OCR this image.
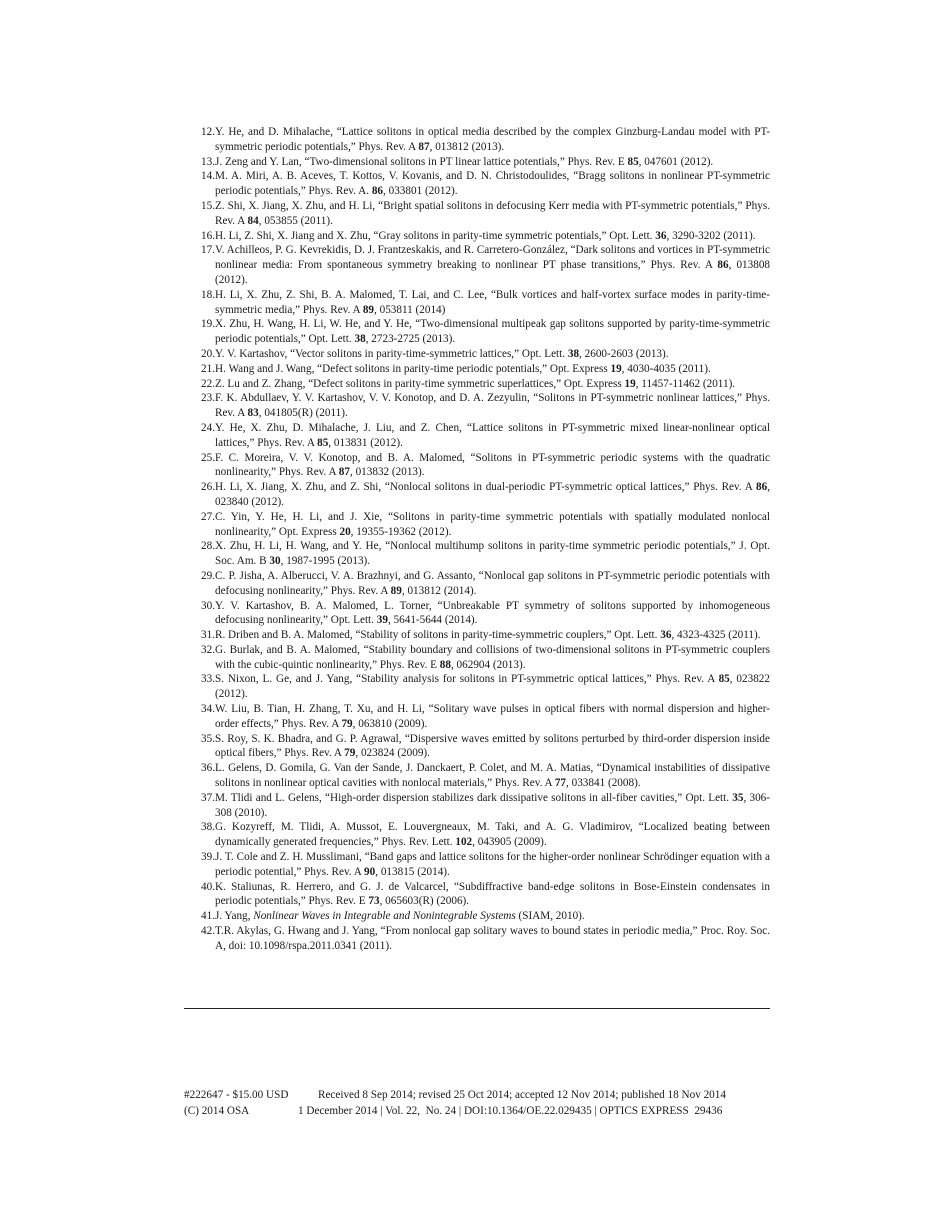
12. Y. He, and D. Mihalache, “Lattice solitons in optical media described by the complex Ginzburg-Landau model with PT-symmetric periodic potentials,” Phys. Rev. A 87, 013812 (2013).
13. J. Zeng and Y. Lan, “Two-dimensional solitons in PT linear lattice potentials,” Phys. Rev. E 85, 047601 (2012).
14. M. A. Miri, A. B. Aceves, T. Kottos, V. Kovanis, and D. N. Christodoulides, “Bragg solitons in nonlinear PT-symmetric periodic potentials,” Phys. Rev. A. 86, 033801 (2012).
15. Z. Shi, X. Jiang, X. Zhu, and H. Li, “Bright spatial solitons in defocusing Kerr media with PT-symmetric potentials,” Phys. Rev. A 84, 053855 (2011).
16. H. Li, Z. Shi, X. Jiang and X. Zhu, “Gray solitons in parity-time symmetric potentials,” Opt. Lett. 36, 3290-3202 (2011).
17. V. Achilleos, P. G. Kevrekidis, D. J. Frantzeskakis, and R. Carretero-González, “Dark solitons and vortices in PT-symmetric nonlinear media: From spontaneous symmetry breaking to nonlinear PT phase transitions,” Phys. Rev. A 86, 013808 (2012).
18. H. Li, X. Zhu, Z. Shi, B. A. Malomed, T. Lai, and C. Lee, “Bulk vortices and half-vortex surface modes in parity-time-symmetric media,” Phys. Rev. A 89, 053811 (2014)
19. X. Zhu, H. Wang, H. Li, W. He, and Y. He, “Two-dimensional multipeak gap solitons supported by parity-time-symmetric periodic potentials,” Opt. Lett. 38, 2723-2725 (2013).
20. Y. V. Kartashov, “Vector solitons in parity-time-symmetric lattices,” Opt. Lett. 38, 2600-2603 (2013).
21. H. Wang and J. Wang, “Defect solitons in parity-time periodic potentials,” Opt. Express 19, 4030-4035 (2011).
22. Z. Lu and Z. Zhang, “Defect solitons in parity-time symmetric superlattices,” Opt. Express 19, 11457-11462 (2011).
23. F. K. Abdullaev, Y. V. Kartashov, V. V. Konotop, and D. A. Zezyulin, “Solitons in PT-symmetric nonlinear lattices,” Phys. Rev. A 83, 041805(R) (2011).
24. Y. He, X. Zhu, D. Mihalache, J. Liu, and Z. Chen, “Lattice solitons in PT-symmetric mixed linear-nonlinear optical lattices,” Phys. Rev. A 85, 013831 (2012).
25. F. C. Moreira, V. V. Konotop, and B. A. Malomed, “Solitons in PT-symmetric periodic systems with the quadratic nonlinearity,” Phys. Rev. A 87, 013832 (2013).
26. H. Li, X. Jiang, X. Zhu, and Z. Shi, “Nonlocal solitons in dual-periodic PT-symmetric optical lattices,” Phys. Rev. A 86, 023840 (2012).
27. C. Yin, Y. He, H. Li, and J. Xie, “Solitons in parity-time symmetric potentials with spatially modulated nonlocal nonlinearity,” Opt. Express 20, 19355-19362 (2012).
28. X. Zhu, H. Li, H. Wang, and Y. He, “Nonlocal multihump solitons in parity-time symmetric periodic potentials,” J. Opt. Soc. Am. B 30, 1987-1995 (2013).
29. C. P. Jisha, A. Alberucci, V. A. Brazhnyi, and G. Assanto, “Nonlocal gap solitons in PT-symmetric periodic potentials with defocusing nonlinearity,” Phys. Rev. A 89, 013812 (2014).
30. Y. V. Kartashov, B. A. Malomed, L. Torner, “Unbreakable PT symmetry of solitons supported by inhomogeneous defocusing nonlinearity,” Opt. Lett. 39, 5641-5644 (2014).
31. R. Driben and B. A. Malomed, “Stability of solitons in parity-time-symmetric couplers,” Opt. Lett. 36, 4323-4325 (2011).
32. G. Burlak, and B. A. Malomed, “Stability boundary and collisions of two-dimensional solitons in PT-symmetric couplers with the cubic-quintic nonlinearity,” Phys. Rev. E 88, 062904 (2013).
33. S. Nixon, L. Ge, and J. Yang, “Stability analysis for solitons in PT-symmetric optical lattices,” Phys. Rev. A 85, 023822 (2012).
34. W. Liu, B. Tian, H. Zhang, T. Xu, and H. Li, “Solitary wave pulses in optical fibers with normal dispersion and higher-order effects,” Phys. Rev. A 79, 063810 (2009).
35. S. Roy, S. K. Bhadra, and G. P. Agrawal, “Dispersive waves emitted by solitons perturbed by third-order dispersion inside optical fibers,” Phys. Rev. A 79, 023824 (2009).
36. L. Gelens, D. Gomila, G. Van der Sande, J. Danckaert, P. Colet, and M. A. Matias, “Dynamical instabilities of dissipative solitons in nonlinear optical cavities with nonlocal materials,” Phys. Rev. A 77, 033841 (2008).
37. M. Tlidi and L. Gelens, “High-order dispersion stabilizes dark dissipative solitons in all-fiber cavities,” Opt. Lett. 35, 306-308 (2010).
38. G. Kozyreff, M. Tlidi, A. Mussot, E. Louvergneaux, M. Taki, and A. G. Vladimirov, “Localized beating between dynamically generated frequencies,” Phys. Rev. Lett. 102, 043905 (2009).
39. J. T. Cole and Z. H. Musslimani, “Band gaps and lattice solitons for the higher-order nonlinear Schrödinger equation with a periodic potential,” Phys. Rev. A 90, 013815 (2014).
40. K. Staliunas, R. Herrero, and G. J. de Valcarcel, “Subdiffractive band-edge solitons in Bose-Einstein condensates in periodic potentials,” Phys. Rev. E 73, 065603(R) (2006).
41. J. Yang, Nonlinear Waves in Integrable and Nonintegrable Systems (SIAM, 2010).
42. T.R. Akylas, G. Hwang and J. Yang, “From nonlocal gap solitary waves to bound states in periodic media,” Proc. Roy. Soc. A, doi: 10.1098/rspa.2011.0341 (2011).
#222647 - $15.00 USD	Received 8 Sep 2014; revised 25 Oct 2014; accepted 12 Nov 2014; published 18 Nov 2014
(C) 2014 OSA	1 December 2014 | Vol. 22,  No. 24 | DOI:10.1364/OE.22.029435 | OPTICS EXPRESS  29436
